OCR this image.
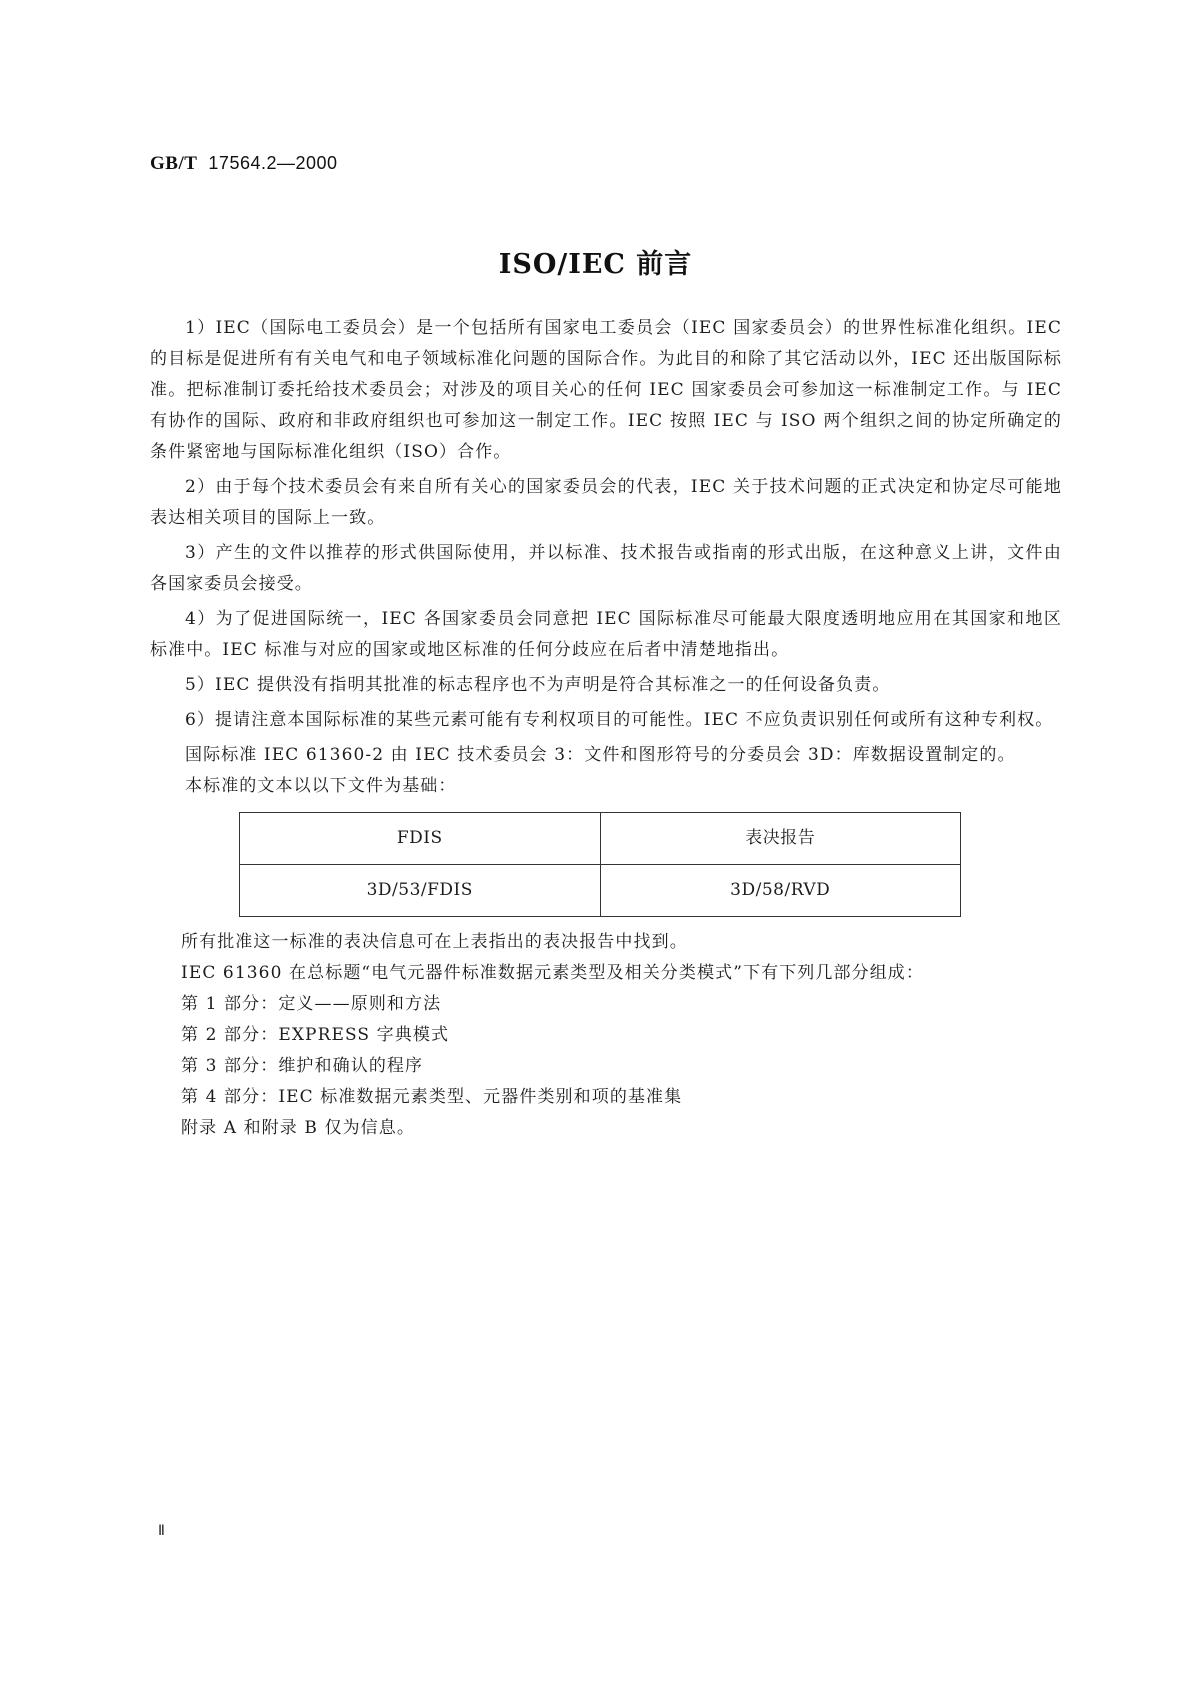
GB/T 17564.2—2000
ISO/IEC 前言

1）IEC（国际电工委员会）是一个包括所有国家电工委员会（IEC 国家委员会）的世界性标准化组织。IEC 的目标是促进所有有关电气和电子领域标准化问题的国际合作。为此目的和除了其它活动以外，IEC 还出版国际标准。把标准制订委托给技术委员会；对涉及的项目关心的任何 IEC 国家委员会可参加这一标准制定工作。与 IEC 有协作的国际、政府和非政府组织也可参加这一制定工作。IEC 按照 IEC 与 ISO 两个组织之间的协定所确定的条件紧密地与国际标准化组织（ISO）合作。

2）由于每个技术委员会有来自所有关心的国家委员会的代表，IEC 关于技术问题的正式决定和协定尽可能地表达相关项目的国际上一致。

3）产生的文件以推荐的形式供国际使用，并以标准、技术报告或指南的形式出版，在这种意义上讲，文件由各国家委员会接受。

4）为了促进国际统一，IEC 各国家委员会同意把 IEC 国际标准尽可能最大限度透明地应用在其国家和地区标准中。IEC 标准与对应的国家或地区标准的任何分歧应在后者中清楚地指出。

5）IEC 提供没有指明其批准的标志程序也不为声明是符合其标准之一的任何设备负责。

6）提请注意本国际标准的某些元素可能有专利权项目的可能性。IEC 不应负责识别任何或所有这种专利权。

国际标准 IEC 61360-2 由 IEC 技术委员会 3：文件和图形符号的分委员会 3D：库数据设置制定的。

本标准的文本以以下文件为基础：

FDIS	表决报告
3D/53/FDIS	3D/58/RVD

所有批准这一标准的表决信息可在上表指出的表决报告中找到。

IEC 61360 在总标题“电气元器件标准数据元素类型及相关分类模式”下有下列几部分组成：

第 1 部分：定义——原则和方法

第 2 部分：EXPRESS 字典模式

第 3 部分：维护和确认的程序

第 4 部分：IEC 标准数据元素类型、元器件类别和项的基准集

附录 A 和附录 B 仅为信息。

Ⅱ
